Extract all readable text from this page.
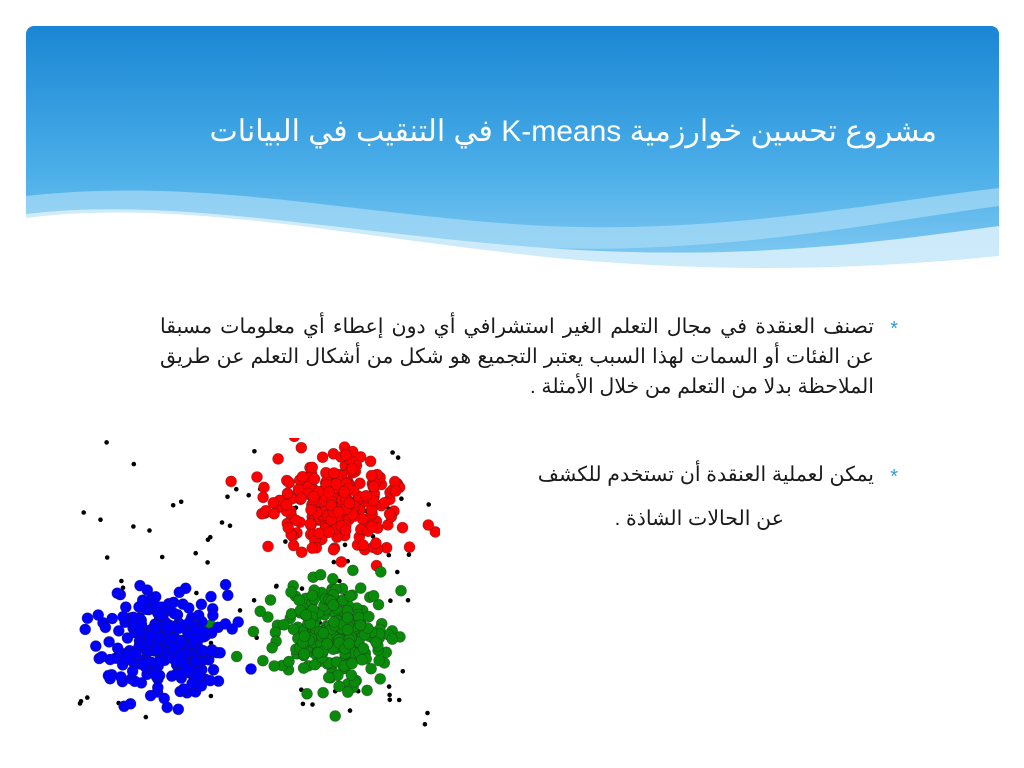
مشروع تحسين خوارزمية K-means في التنقيب في البيانات
*
تصنف العنقدة في مجال التعلم الغير استشرافي أي دون إعطاء أي معلومات مسبقا عن الفئات أو السمات لهذا السبب يعتبر التجميع هو شكل من أشكال التعلم عن طريق الملاحظة بدلا من التعلم من خلال الأمثلة .
*
يمكن لعملية العنقدة أن تستخدم للكشف
عن الحالات الشاذة .
